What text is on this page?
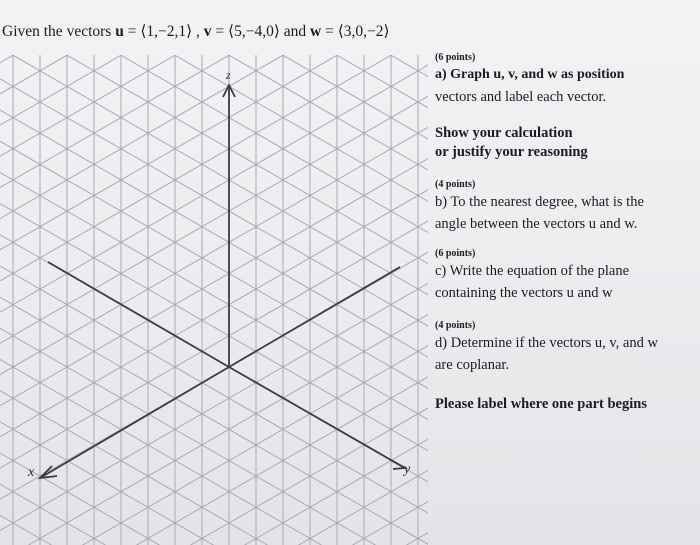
Given the vectors u = ⟨1,−2,1⟩ , v = ⟨5,−4,0⟩ and w = ⟨3,0,−2⟩
z
x	y
(6 points)
a) Graph u, v, and w as position
vectors and label each vector.
Show your calculation
or justify your reasoning
(4 points)
b) To the nearest degree, what is the
angle between the vectors u and w.
(6 points)
c) Write the equation of the plane
containing the vectors u and w
(4 points)
d) Determine if the vectors u, v, and w
are coplanar.
Please label where one part begins
